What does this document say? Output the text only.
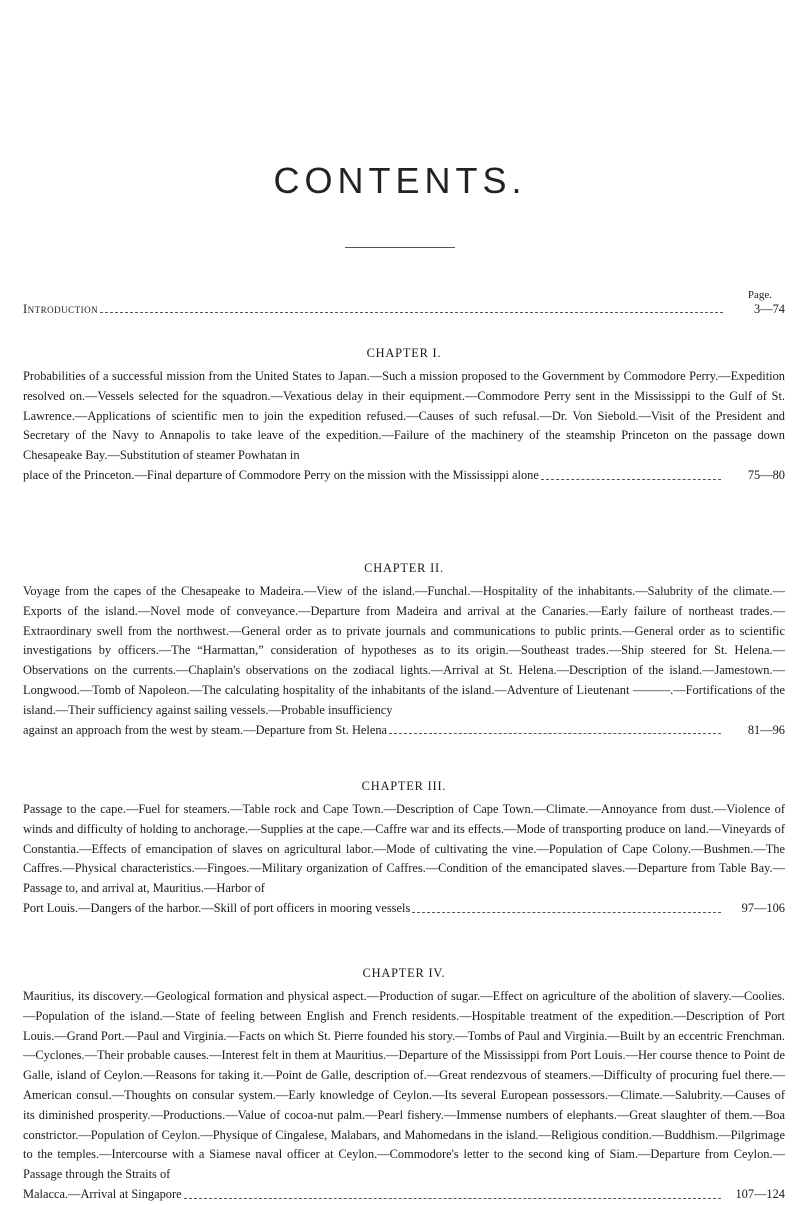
CONTENTS.
Page.
Introduction	3—74
CHAPTER I.
Probabilities of a successful mission from the United States to Japan.—Such a mission proposed to the Government by Commodore Perry.—Expedition resolved on.—Vessels selected for the squadron.—Vexatious delay in their equipment.—Commodore Perry sent in the Mississippi to the Gulf of St. Lawrence.—Applications of scientific men to join the expedition refused.—Causes of such refusal.—Dr. Von Siebold.—Visit of the President and Secretary of the Navy to Annapolis to take leave of the expedition.—Failure of the machinery of the steamship Princeton on the passage down Chesapeake Bay.—Substitution of steamer Powhatan in
place of the Princeton.—Final departure of Commodore Perry on the mission with the Mississippi alone	75—80
CHAPTER II.
Voyage from the capes of the Chesapeake to Madeira.—View of the island.—Funchal.—Hospitality of the inhabitants.—Salubrity of the climate.—Exports of the island.—Novel mode of conveyance.—Departure from Madeira and arrival at the Canaries.—Early failure of northeast trades.—Extraordinary swell from the northwest.—General order as to private journals and communications to public prints.—General order as to scientific investigations by officers.—The “Harmattan,” consideration of hypotheses as to its origin.—Southeast trades.—Ship steered for St. Helena.—Observations on the currents.—Chaplain's observations on the zodiacal lights.—Arrival at St. Helena.—Description of the island.—Jamestown.—Longwood.—Tomb of Napoleon.—The calculating hospitality of the inhabitants of the island.—Adventure of Lieutenant ———.—Fortifications of the island.—Their sufficiency against sailing vessels.—Probable insufficiency
against an approach from the west by steam.—Departure from St. Helena	81—96
CHAPTER III.
Passage to the cape.—Fuel for steamers.—Table rock and Cape Town.—Description of Cape Town.—Climate.—Annoyance from dust.—Violence of winds and difficulty of holding to anchorage.—Supplies at the cape.—Caffre war and its effects.—Mode of transporting produce on land.—Vineyards of Constantia.—Effects of emancipation of slaves on agricultural labor.—Mode of cultivating the vine.—Population of Cape Colony.—Bushmen.—The Caffres.—Physical characteristics.—Fingoes.—Military organization of Caffres.—Condition of the emancipated slaves.—Departure from Table Bay.—Passage to, and arrival at, Mauritius.—Harbor of
Port Louis.—Dangers of the harbor.—Skill of port officers in mooring vessels	97—106
CHAPTER IV.
Mauritius, its discovery.—Geological formation and physical aspect.—Production of sugar.—Effect on agriculture of the abolition of slavery.—Coolies.—Population of the island.—State of feeling between English and French residents.—Hospitable treatment of the expedition.—Description of Port Louis.—Grand Port.—Paul and Virginia.—Facts on which St. Pierre founded his story.—Tombs of Paul and Virginia.—Built by an eccentric Frenchman.—Cyclones.—Their probable causes.—Interest felt in them at Mauritius.—Departure of the Mississippi from Port Louis.—Her course thence to Point de Galle, island of Ceylon.—Reasons for taking it.—Point de Galle, description of.—Great rendezvous of steamers.—Difficulty of procuring fuel there.—American consul.—Thoughts on consular system.—Early knowledge of Ceylon.—Its several European possessors.—Climate.—Salubrity.—Causes of its diminished prosperity.—Productions.—Value of cocoa-nut palm.—Pearl fishery.—Immense numbers of elephants.—Great slaughter of them.—Boa constrictor.—Population of Ceylon.—Physique of Cingalese, Malabars, and Mahomedans in the island.—Religious condition.—Buddhism.—Pilgrimage to the temples.—Intercourse with a Siamese naval officer at Ceylon.—Commodore's letter to the second king of Siam.—Departure from Ceylon.—Passage through the Straits of
Malacca.—Arrival at Singapore	107—124
